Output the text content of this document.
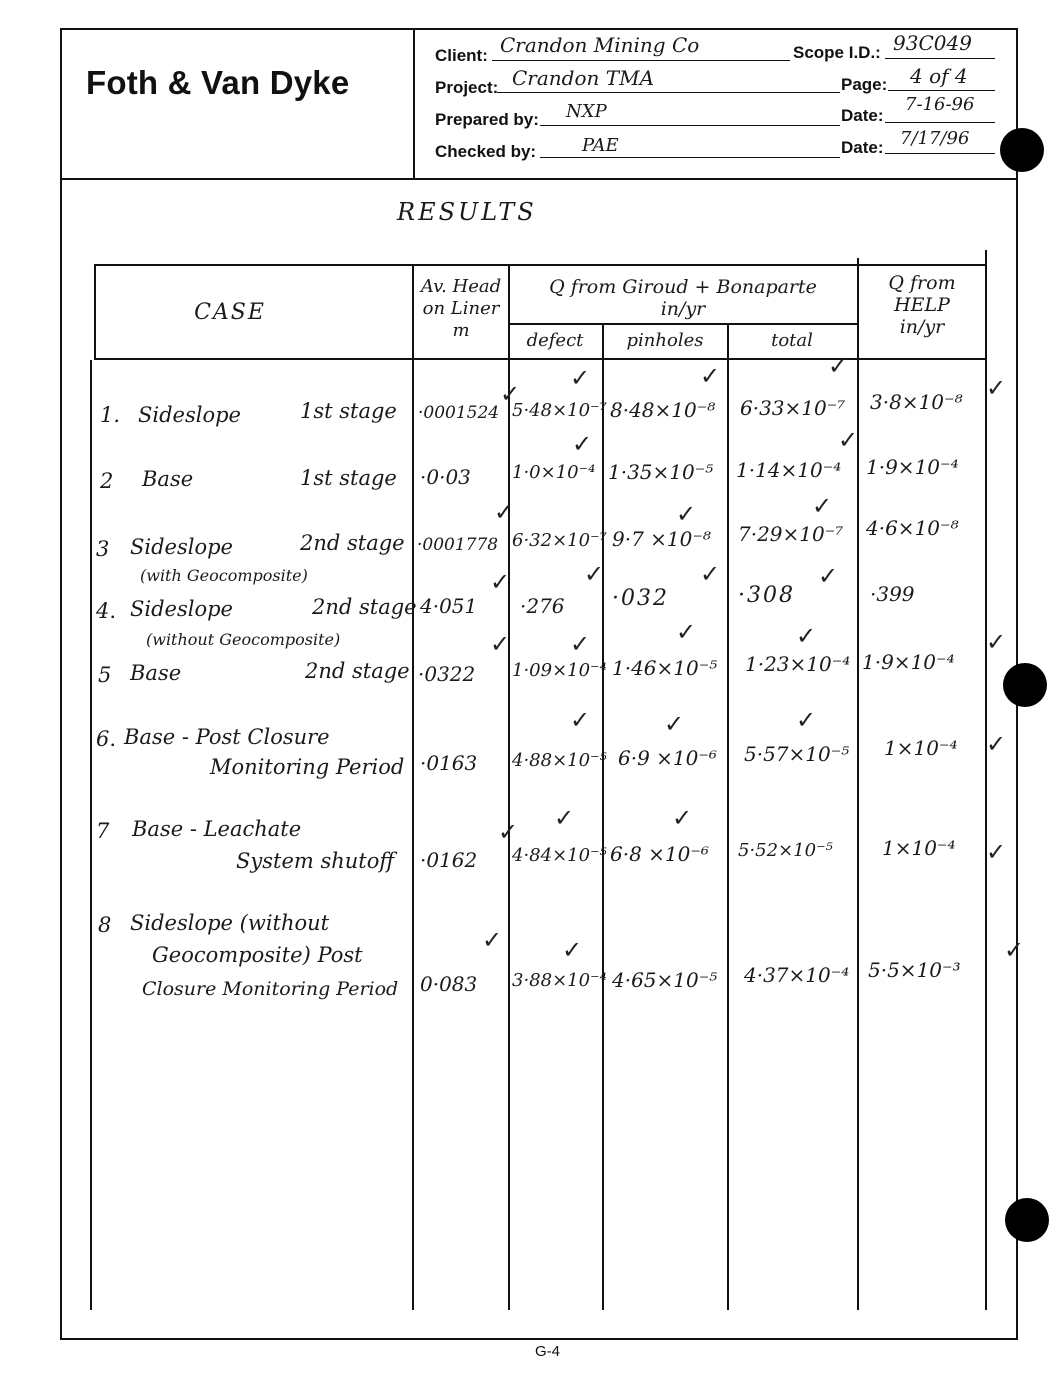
Foth & Van Dyke
Client: Crandon Mining Co
Project: Crandon TMA
Prepared by: NXP
Checked by:	PAE
Scope I.D.: 93C049
Page: 4 of 4
Date:
7-16-96
Date: 7/17/96
RESULTS
CASE
Av. Head
on Liner
m
Q from Giroud + Bonaparte
in/yr
defect	pinholes	total
Q from
HELP
in/yr
1. Sideslope	1st stage ·0001524 5·48×10⁻⁷ 8·48×10⁻⁸ 6·33×10⁻⁷ 3·8×10⁻⁸
2 Base	1st stage ·0·03 1·0×10⁻⁴ 1·35×10⁻⁵ 1·14×10⁻⁴ 1·9×10⁻⁴
3 Sideslope	2nd stage
(with Geocomposite)
·0001778 6·32×10⁻⁷ 9·7 ×10⁻⁸ 7·29×10⁻⁷ 4·6×10⁻⁸
4. Sideslope	2nd stage
(without Geocomposite)
4·051 ·276 ·032	·308	·399
5 Base	2nd stage ·0322 1·09×10⁻⁴ 1·46×10⁻⁵ 1·23×10⁻⁴ 1·9×10⁻⁴
6. Base - Post Closure
Monitoring Period ·0163 4·88×10⁻⁵ 6·9 ×10⁻⁶ 5·57×10⁻⁵ 1×10⁻⁴
7 Base - Leachate
System shutoff ·0162 4·84×10⁻⁵ 6·8 ×10⁻⁶ 5·52×10⁻⁵ 1×10⁻⁴
8 Sideslope (without
Geocomposite) Post
Closure Monitoring Period 0·083 3·88×10⁻⁴ 4·65×10⁻⁵ 4·37×10⁻⁴ 5·5×10⁻³
✓
✓	✓	✓
✓	✓
✓	✓	✓
✓	✓	✓	✓
✓ ✓	✓	✓
✓	✓	✓
✓ ✓	✓
✓ ✓
✓
✓
✓
✓
✓
G-4
